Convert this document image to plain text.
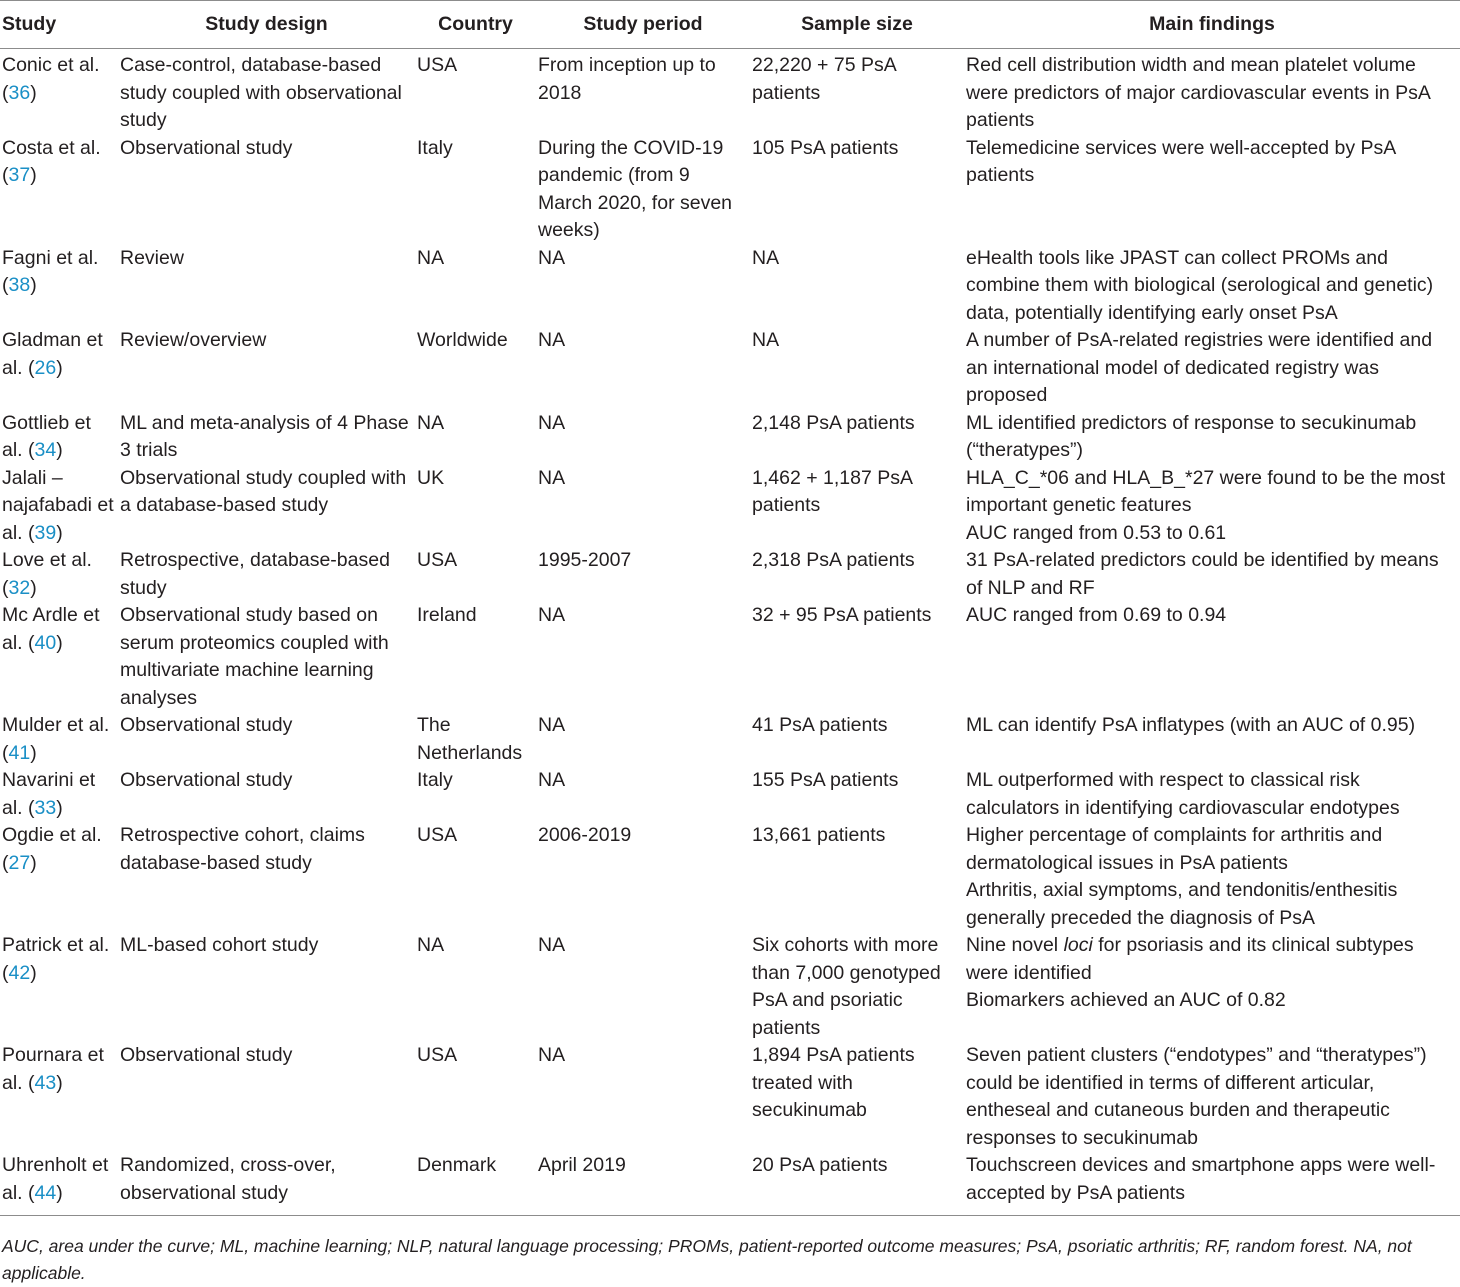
Study	Study design	Country	Study period	Sample size	Main findings
Conic et al. (36)	Case-control, database-based study coupled with observational study	USA	From inception up to 2018	22,220 + 75 PsA patients	Red cell distribution width and mean platelet volume were predictors of major cardiovascular events in PsA patients

Costa et al. (37)	Observational study	Italy	During the COVID-19 pandemic (from 9 March 2020, for seven weeks)	105 PsA patients	Telemedicine services were well-accepted by PsA patients

Fagni et al. (38)	Review	NA	NA	NA	eHealth tools like JPAST can collect PROMs and combine them with biological (serological and genetic) data, potentially identifying early onset PsA

Gladman et al. (26)	Review/overview	Worldwide	NA	NA	A number of PsA-related registries were identified and an international model of dedicated registry was proposed

Gottlieb et al. (34)	ML and meta-analysis of 4 Phase 3 trials	NA	NA	2,148 PsA patients	ML identified predictors of response to secukinumab (“theratypes”)

Jalali –najafabadi et al. (39)	Observational study coupled with a database-based study	UK	NA	1,462 + 1,187 PsA patients	HLA_C_*06 and HLA_B_*27 were found to be the most important genetic features
AUC ranged from 0.53 to 0.61

Love et al. (32)	Retrospective, database-based study	USA	1995-2007	2,318 PsA patients	31 PsA-related predictors could be identified by means of NLP and RF

Mc Ardle et al. (40)	Observational study based on serum proteomics coupled with multivariate machine learning analyses	Ireland	NA	32 + 95 PsA patients	AUC ranged from 0.69 to 0.94

Mulder et al. (41)	Observational study	The Netherlands	NA	41 PsA patients	ML can identify PsA inflatypes (with an AUC of 0.95)

Navarini et al. (33)	Observational study	Italy	NA	155 PsA patients	ML outperformed with respect to classical risk calculators in identifying cardiovascular endotypes

Ogdie et al. (27)	Retrospective cohort, claims database-based study	USA	2006-2019	13,661 patients	Higher percentage of complaints for arthritis and dermatological issues in PsA patients
Arthritis, axial symptoms, and tendonitis/enthesitis generally preceded the diagnosis of PsA

Patrick et al. (42)	ML-based cohort study	NA	NA	Six cohorts with more than 7,000 genotyped PsA and psoriatic patients	Nine novel loci for psoriasis and its clinical subtypes were identified
Biomarkers achieved an AUC of 0.82

Pournara et al. (43)	Observational study	USA	NA	1,894 PsA patients treated with secukinumab	Seven patient clusters (“endotypes” and “theratypes”) could be identified in terms of different articular, entheseal and cutaneous burden and therapeutic responses to secukinumab

Uhrenholt et al. (44)	Randomized, cross-over, observational study	Denmark	April 2019	20 PsA patients	Touchscreen devices and smartphone apps were well-accepted by PsA patients
AUC, area under the curve; ML, machine learning; NLP, natural language processing; PROMs, patient-reported outcome measures; PsA, psoriatic arthritis; RF, random forest. NA, not applicable.
